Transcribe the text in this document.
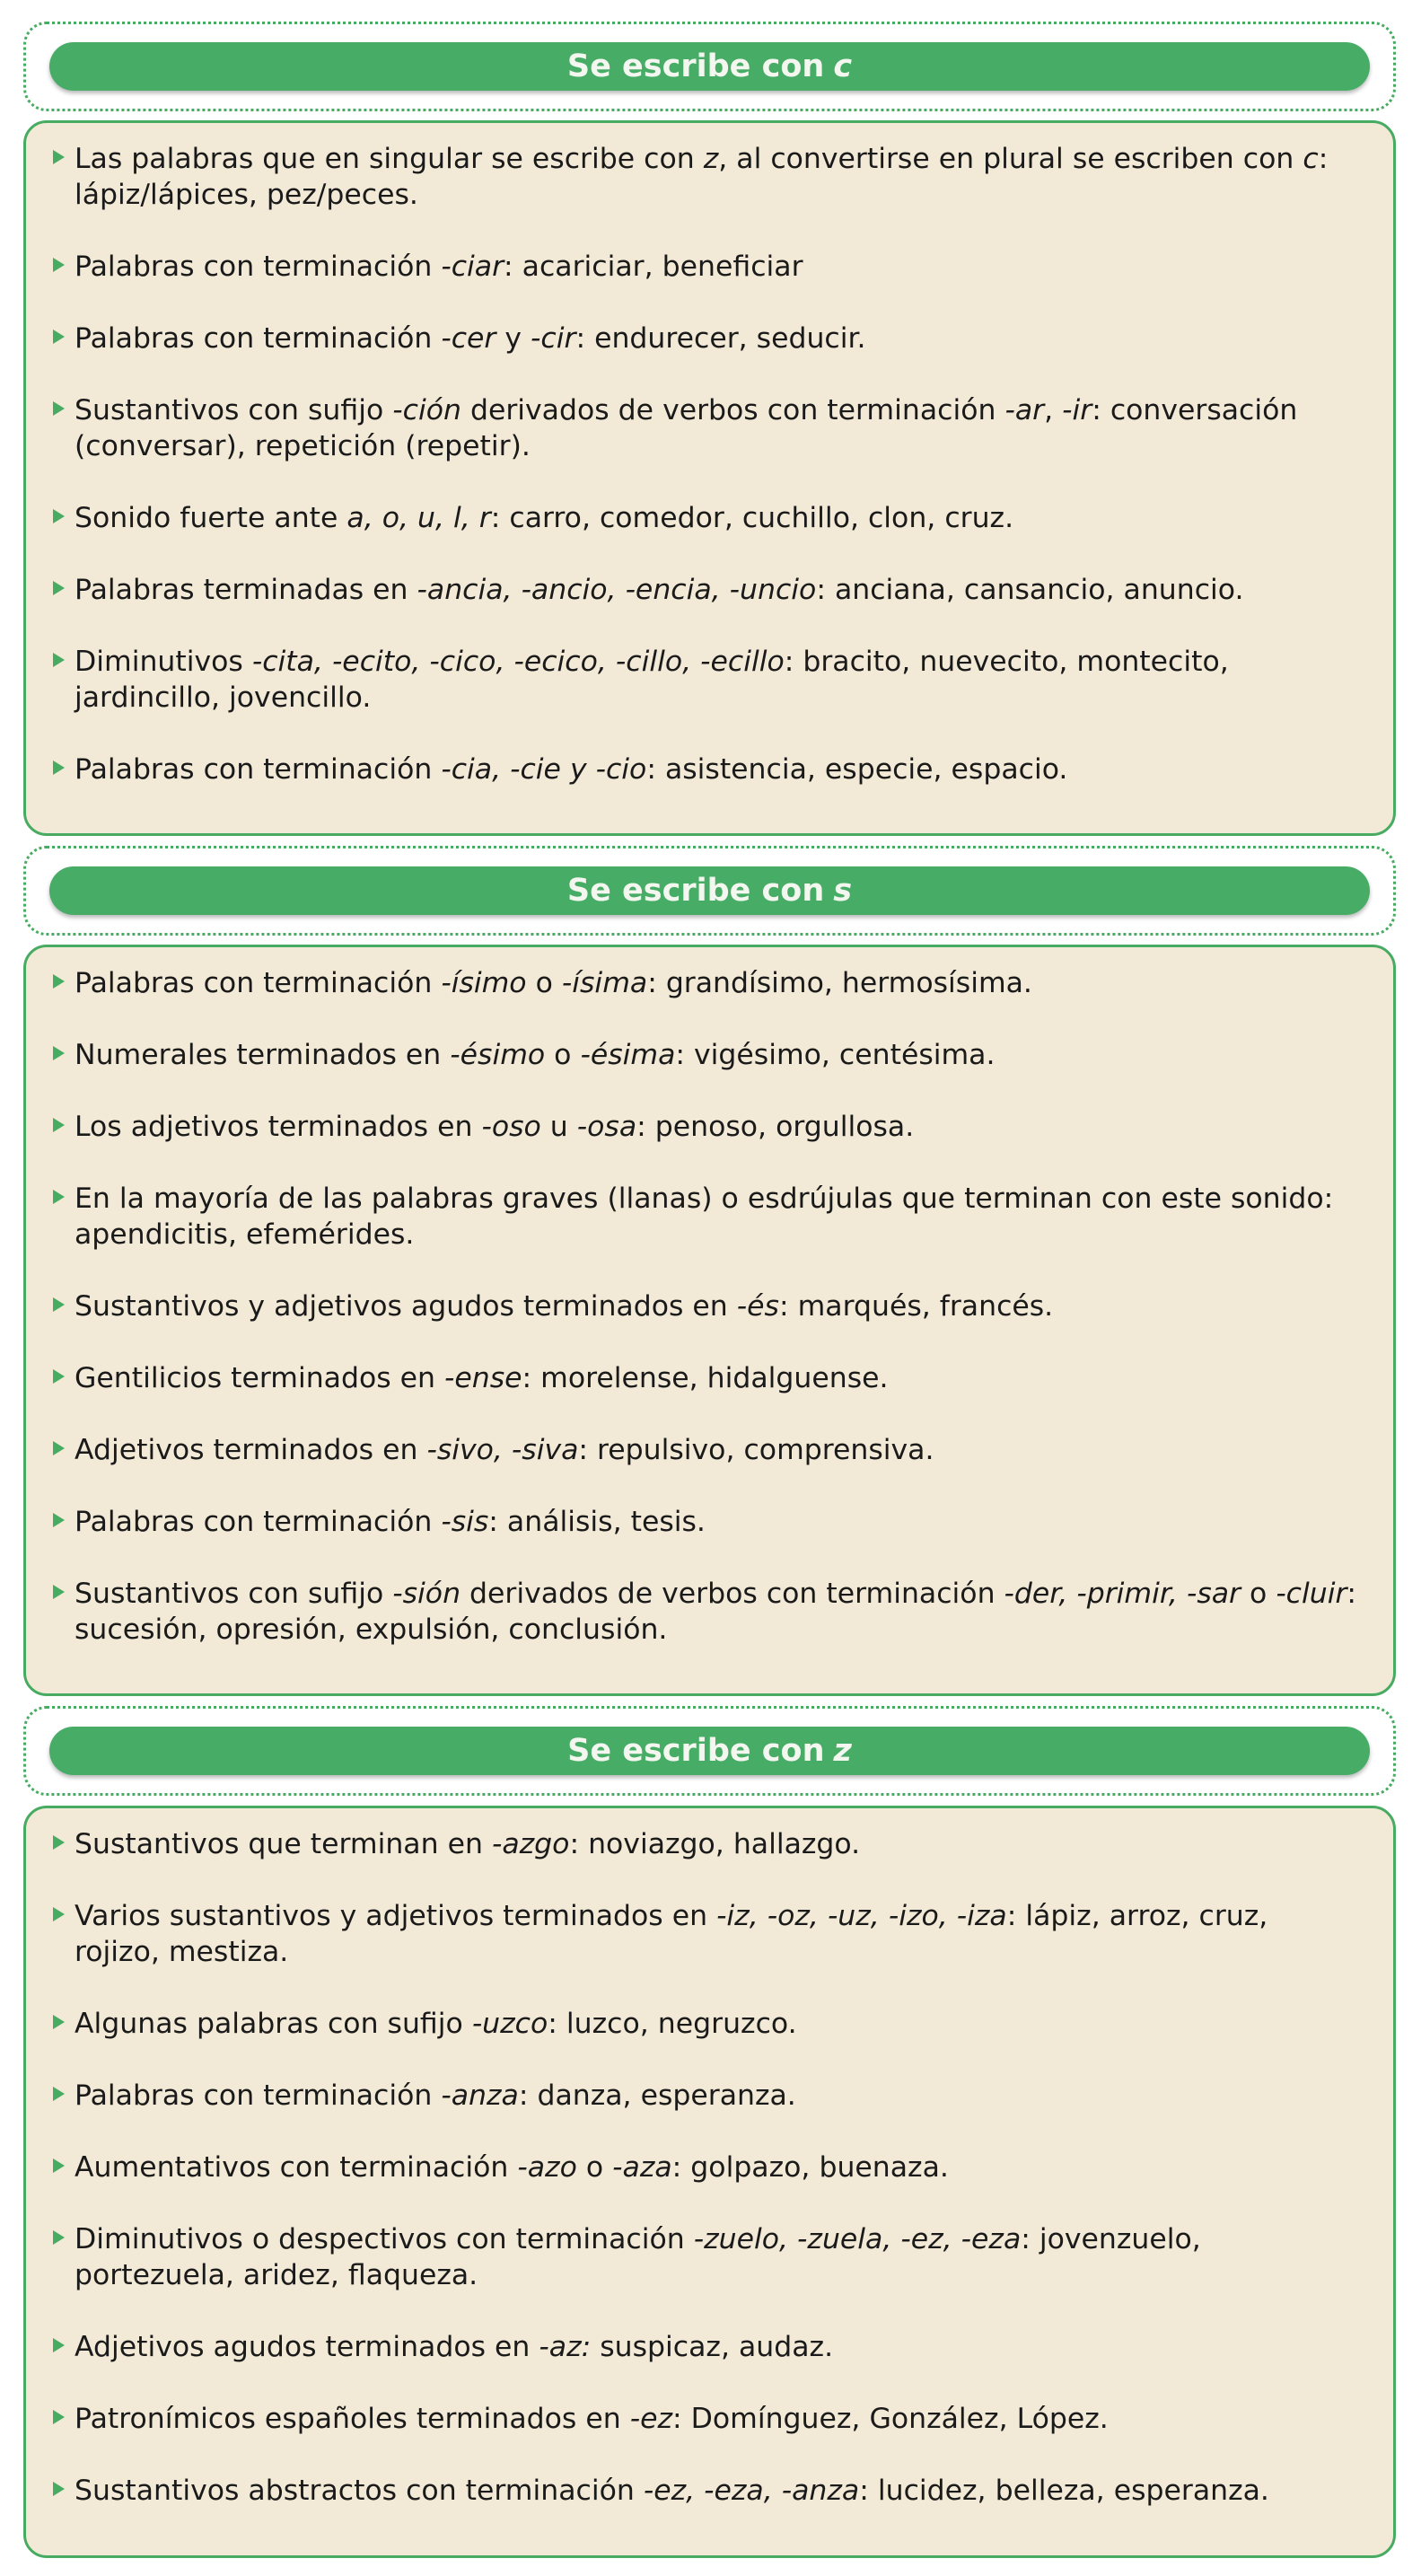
Se escribe con c
Las palabras que en singular se escribe con z, al convertirse en plural se escriben con c: lápiz/lápices, pez/peces.
Palabras con terminación -ciar: acariciar, beneficiar
Palabras con terminación -cer y -cir: endurecer, seducir.
Sustantivos con sufijo -ción derivados de verbos con terminación -ar, -ir: conversación (conversar), repetición (repetir).
Sonido fuerte ante a, o, u, l, r: carro, comedor, cuchillo, clon, cruz.
Palabras terminadas en -ancia, -ancio, -encia, -uncio: anciana, cansancio, anuncio.
Diminutivos -cita, -ecito, -cico, -ecico, -cillo, -ecillo: bracito, nuevecito, montecito, jardincillo, jovencillo.
Palabras con terminación -cia, -cie y -cio: asistencia, especie, espacio.
Se escribe con s
Palabras con terminación -ísimo o -ísima: grandísimo, hermosísima.
Numerales terminados en -ésimo o -ésima: vigésimo, centésima.
Los adjetivos terminados en -oso u -osa: penoso, orgullosa.
En la mayoría de las palabras graves (llanas) o esdrújulas que terminan con este sonido: apendicitis, efemérides.
Sustantivos y adjetivos agudos terminados en -és: marqués, francés.
Gentilicios terminados en -ense: morelense, hidalguense.
Adjetivos terminados en -sivo, -siva: repulsivo, comprensiva.
Palabras con terminación -sis: análisis, tesis.
Sustantivos con sufijo -sión derivados de verbos con terminación -der, -primir, -sar o -cluir: sucesión, opresión, expulsión, conclusión.
Se escribe con z
Sustantivos que terminan en -azgo: noviazgo, hallazgo.
Varios sustantivos y adjetivos terminados en -iz, -oz, -uz, -izo, -iza: lápiz, arroz, cruz, rojizo, mestiza.
Algunas palabras con sufijo -uzco: luzco, negruzco.
Palabras con terminación -anza: danza, esperanza.
Aumentativos con terminación -azo o -aza: golpazo, buenaza.
Diminutivos o despectivos con terminación -zuelo, -zuela, -ez, -eza: jovenzuelo, portezuela, aridez, flaqueza.
Adjetivos agudos terminados en -az: suspicaz, audaz.
Patronímicos españoles terminados en -ez: Domínguez, González, López.
Sustantivos abstractos con terminación -ez, -eza, -anza: lucidez, belleza, esperanza.
